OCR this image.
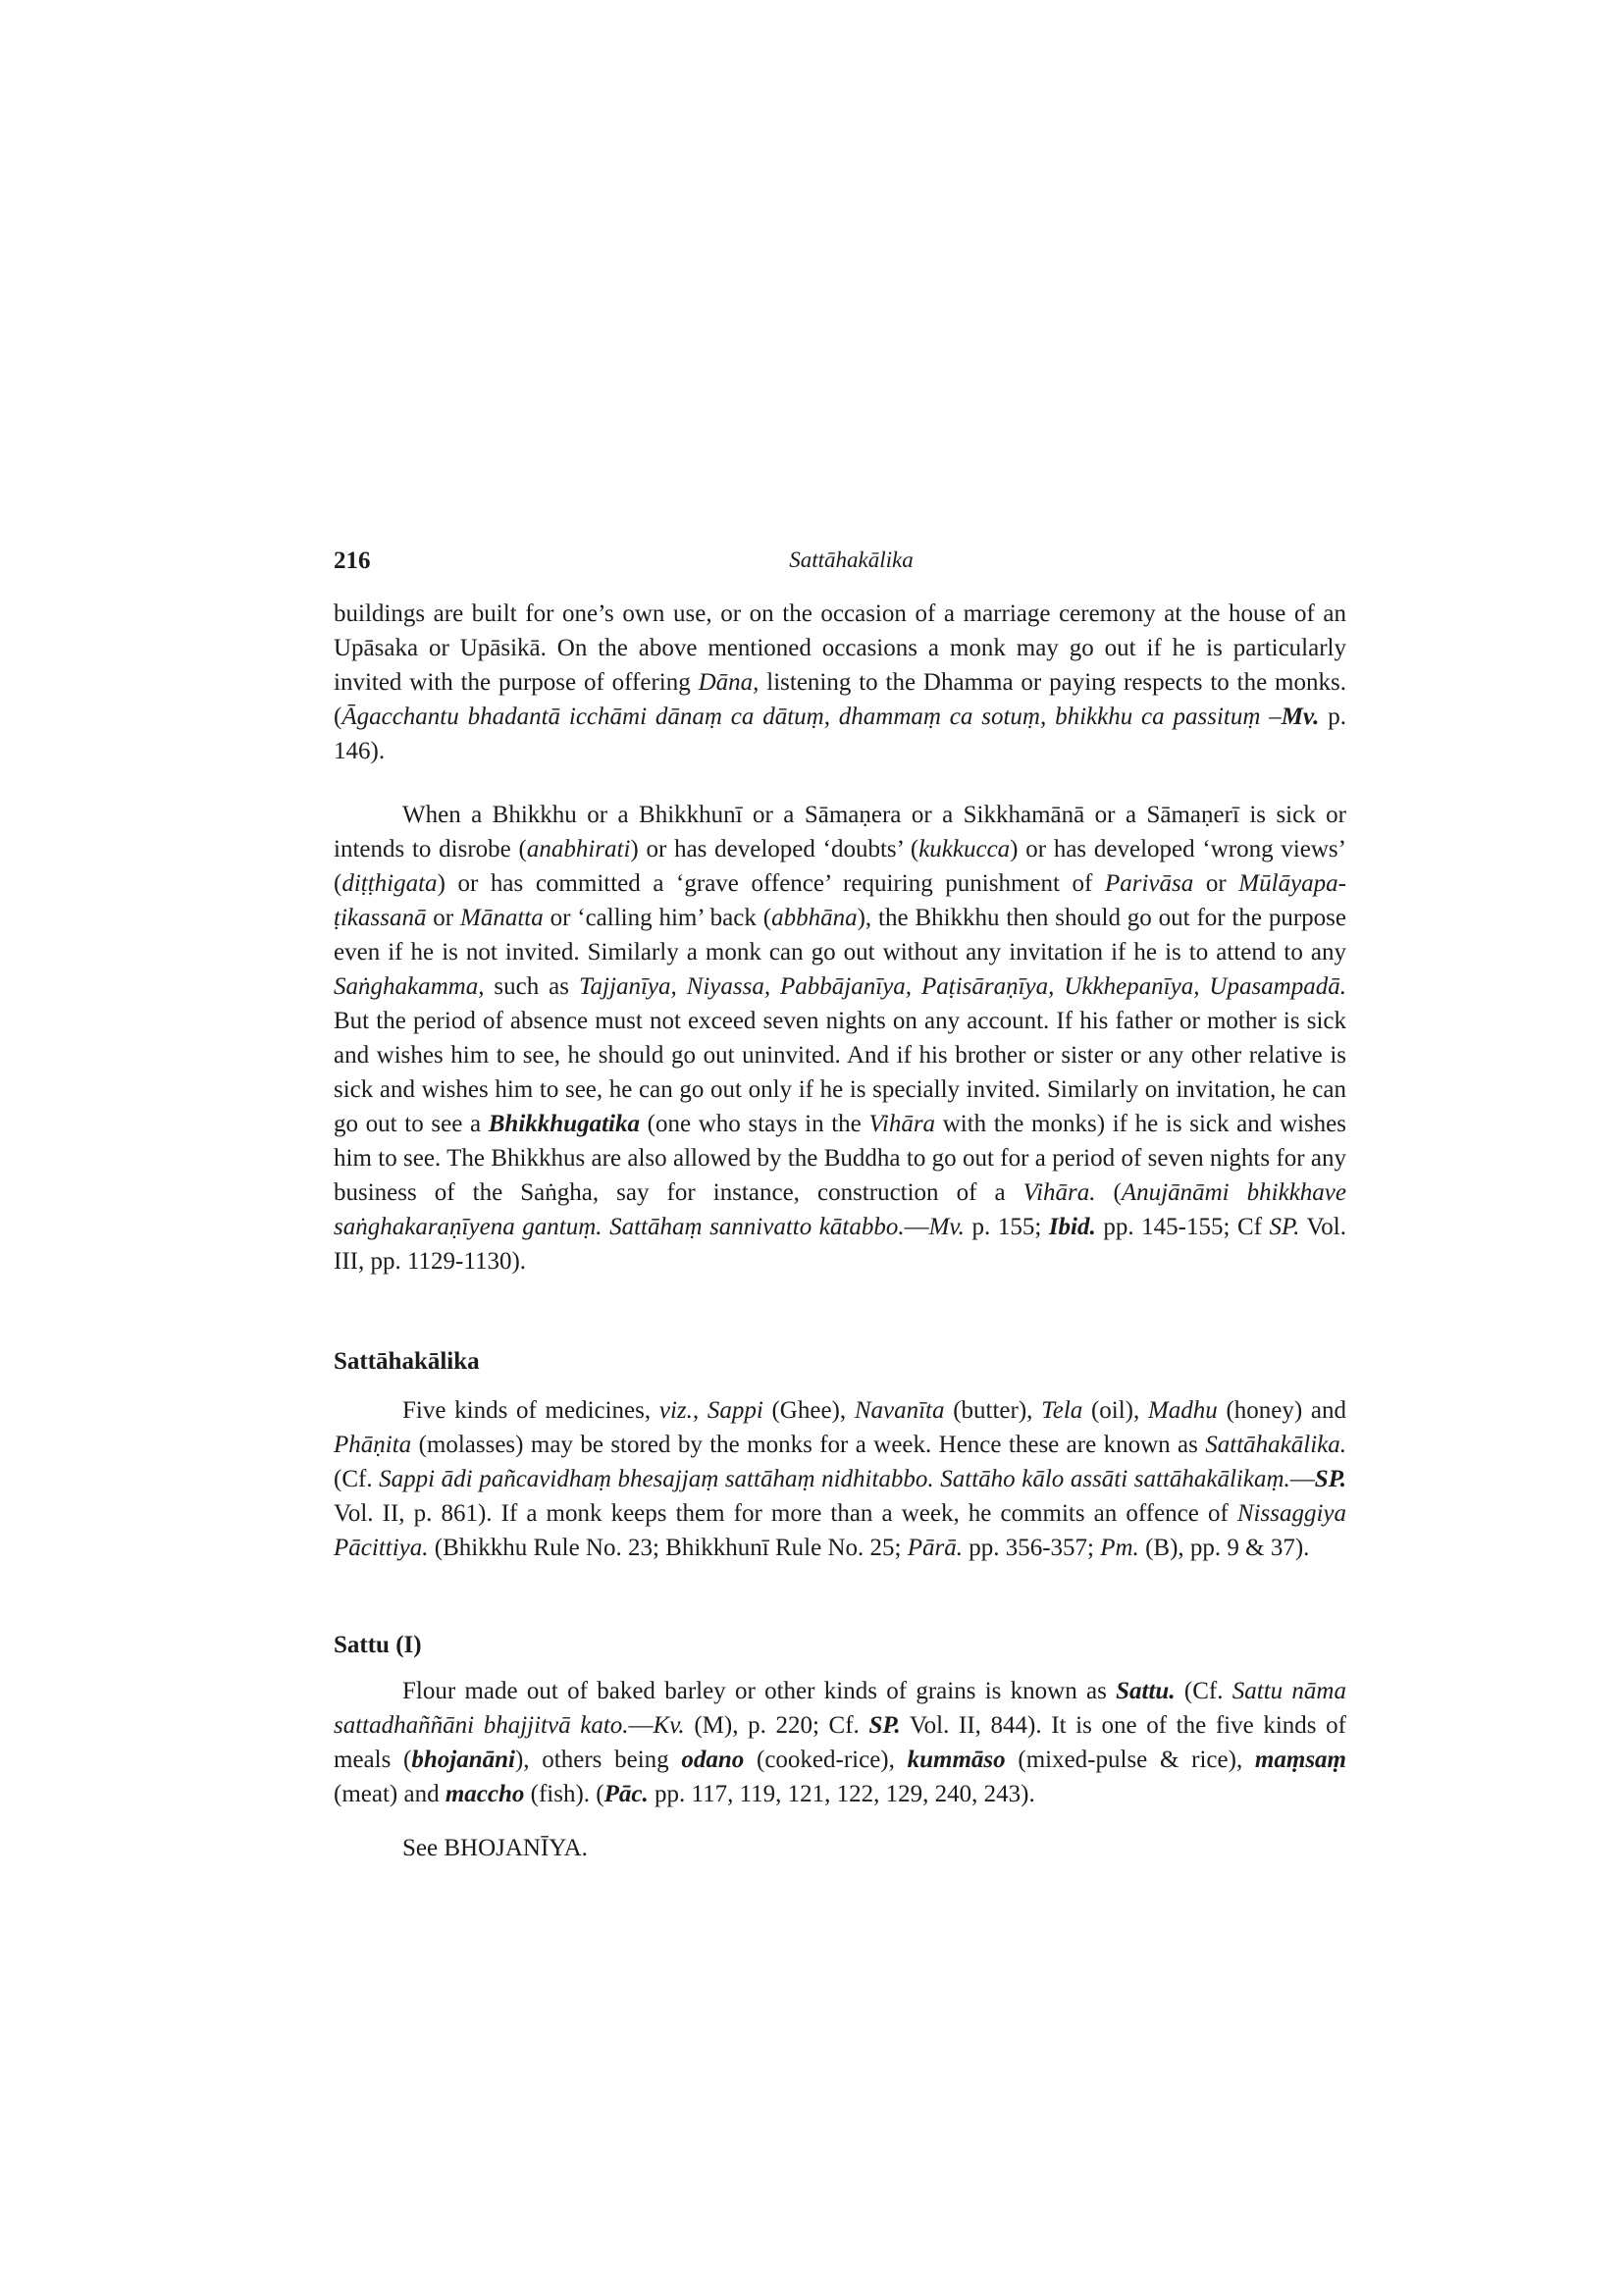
216	Sattāhakālika

buildings are built for one’s own use, or on the occasion of a marriage ceremony at the house of an Upāsaka or Upāsikā. On the above mentioned occasions a monk may go out if he is particularly invited with the purpose of offering Dāna, listening to the Dhamma or paying respects to the monks. (Āgacchantu bhadantā icchāmi dānaṃ ca dātuṃ, dhammaṃ ca sotuṃ, bhikkhu ca passituṃ –Mv. p. 146).

When a Bhikkhu or a Bhikkhunī or a Sāmaṇera or a Sikkhamānā or a Sāmaṇerī is sick or intends to disrobe (anabhirati) or has developed ‘doubts’ (kukkucca) or has developed ‘wrong views’ (diṭṭhigata) or has committed a ‘grave offence’ requiring punishment of Parivāsa or Mūlāyapa-ṭikassanā or Mānatta or ‘calling him’ back (abbhāna), the Bhikkhu then should go out for the purpose even if he is not invited. Similarly a monk can go out without any invitation if he is to attend to any Saṅghakamma, such as Tajjanīya, Niyassa, Pabbājanīya, Paṭisāraṇīya, Ukkhepanīya, Upasampadā. But the period of absence must not exceed seven nights on any account. If his father or mother is sick and wishes him to see, he should go out uninvited. And if his brother or sister or any other relative is sick and wishes him to see, he can go out only if he is specially invited. Similarly on invitation, he can go out to see a Bhikkhugatika (one who stays in the Vihāra with the monks) if he is sick and wishes him to see. The Bhikkhus are also allowed by the Buddha to go out for a period of seven nights for any business of the Saṅgha, say for instance, construction of a Vihāra. (Anujānāmi bhikkhave saṅghakaraṇīyena gantuṃ. Sattāhaṃ sannivatto kātabbo.—Mv. p. 155; Ibid. pp. 145-155; Cf SP. Vol. III, pp. 1129-1130).

Sattāhakālika

Five kinds of medicines, viz., Sappi (Ghee), Navanīta (butter), Tela (oil), Madhu (honey) and Phāṇita (molasses) may be stored by the monks for a week. Hence these are known as Sattāhakālika. (Cf. Sappi ādi pañcavidhaṃ bhesajjaṃ sattāhaṃ nidhitabbo. Sattāho kālo assāti sattāhakālikaṃ.—SP. Vol. II, p. 861). If a monk keeps them for more than a week, he commits an offence of Nissaggiya Pācittiya. (Bhikkhu Rule No. 23; Bhikkhunī Rule No. 25; Pārā. pp. 356-357; Pm. (B), pp. 9 & 37).

Sattu (I)

Flour made out of baked barley or other kinds of grains is known as Sattu. (Cf. Sattu nāma sattadhaññāni bhajjitvā kato.—Kv. (M), p. 220; Cf. SP. Vol. II, 844). It is one of the five kinds of meals (bhojanāni), others being odano (cooked-rice), kummāso (mixed-pulse & rice), maṃsaṃ (meat) and maccho (fish). (Pāc. pp. 117, 119, 121, 122, 129, 240, 243).

See BHOJANĪYA.
